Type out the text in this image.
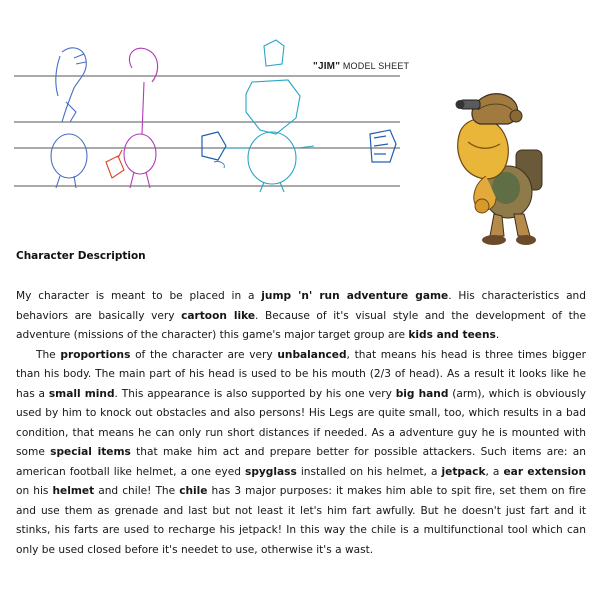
"JIM" MODEL SHEET
Character Description

My character is meant to be placed in a jump 'n' run adventure game. His characteristics and behaviors are basically very cartoon like. Because of it's visual style and the development of the adventure (missions of the character) this game's major target group are kids and teens.

The proportions of the character are very unbalanced, that means his head is three times bigger than his body. The main part of his head is used to be his mouth (2/3 of head). As a result it looks like he has a small mind. This appearance is also supported by his one very big hand (arm), which is obviously used by him to knock out obstacles and also persons! His Legs are quite small, too, which results in a bad condition, that means he can only run short distances if needed. As a adventure guy he is mounted with some special items that make him act and prepare better for possible attackers. Such items are: an american football like helmet, a one eyed spyglass installed on his helmet, a jetpack, a ear extension on his helmet and chile! The chile has 3 major purposes: it makes him able to spit fire, set them on fire and use them as grenade and last but not least it let's him fart awfully. But he doesn't just fart and it stinks, his farts are used to recharge his jetpack! In this way the chile is a multifunctional tool which can only be used closed before it's needet to use, otherwise it's a wast.
